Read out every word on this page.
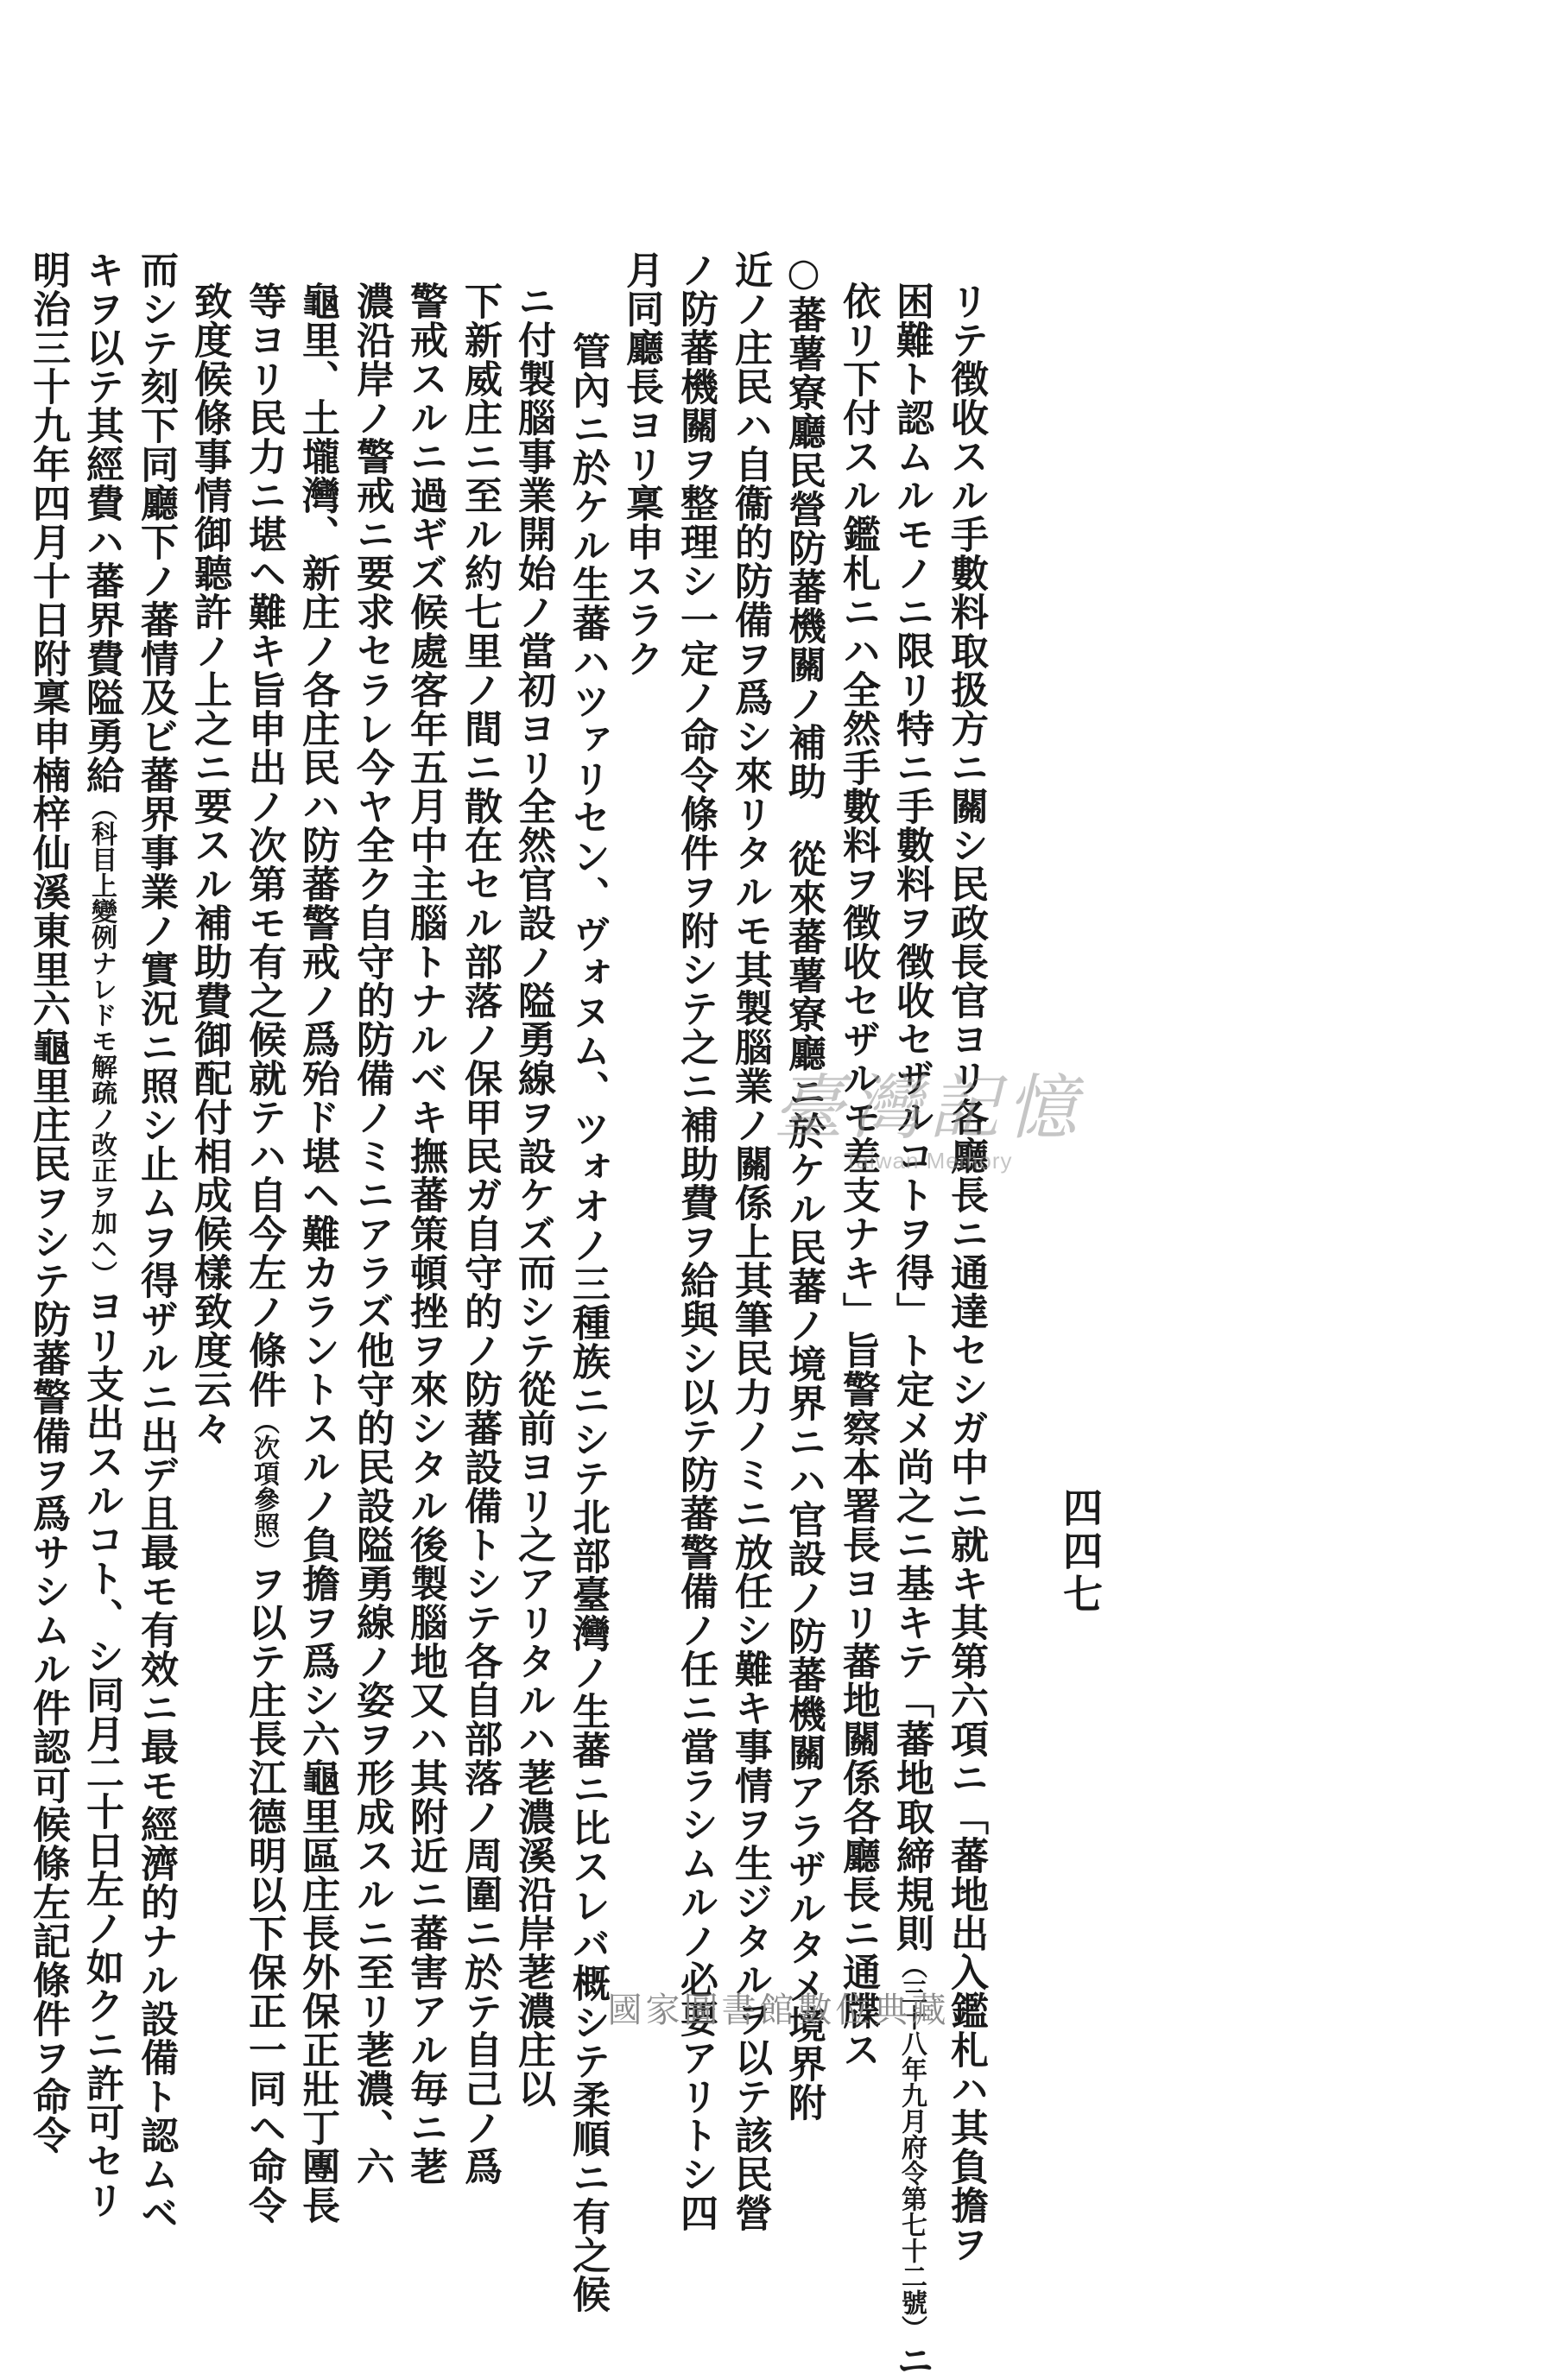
リテ徴收スル手數料取扱方ニ關シ民政長官ヨリ各廳長ニ通達セシガ中ニ就キ其第六項ニ「蕃地出入鑑札ハ其負擔ヲ
困難ト認ムルモノニ限リ特ニ手數料ヲ徴收セザルコトヲ得」ト定メ尚之ニ基キテ「蕃地取締規則（三十八年九月府令第七十二號）ニ
依リ下付スル鑑札ニハ全然手數料ヲ徴收セザルモ差支ナキ」旨警察本署長ヨリ蕃地關係各廳長ニ通牒ス
○蕃薯寮廳民營防蕃機關ノ補助　從來蕃薯寮廳ニ於ケル民蕃ノ境界ニハ官設ノ防蕃機關アラザルタメ境界附
近ノ庄民ハ自衞的防備ヲ爲シ來リタルモ其製腦業ノ關係上其筆民力ノミニ放任シ難キ事情ヲ生ジタルヲ以テ該民營
ノ防蕃機關ヲ整理シ一定ノ命令條件ヲ附シテ之ニ補助費ヲ給與シ以テ防蕃警備ノ任ニ當ラシムルノ必要アリトシ四
月同廳長ヨリ稟申スラク
管內ニ於ケル生蕃ハツァリセン、ヴォヌム、ツォオノ三種族ニシテ北部臺灣ノ生蕃ニ比スレバ概シテ柔順ニ有之候
ニ付製腦事業開始ノ當初ヨリ全然官設ノ隘勇線ヲ設ケズ而シテ從前ヨリ之アリタルハ荖濃溪沿岸荖濃庄以
下新威庄ニ至ル約七里ノ間ニ散在セル部落ノ保甲民ガ自守的ノ防蕃設備トシテ各自部落ノ周圍ニ於テ自己ノ爲
警戒スルニ過ギズ候處客年五月中主腦トナルベキ撫蕃策頓挫ヲ來シタル後製腦地又ハ其附近ニ蕃害アル毎ニ荖
濃沿岸ノ警戒ニ要求セラレ今ヤ全ク自守的防備ノミニアラズ他守的民設隘勇線ノ姿ヲ形成スルニ至リ荖濃、六
龜里、土壠灣、新庄ノ各庄民ハ防蕃警戒ノ爲殆ド堪ヘ難カラントスルノ負擔ヲ爲シ六龜里區庄長外保正壯丁團長
等ヨリ民力ニ堪ヘ難キ旨申出ノ次第モ有之候就テハ自今左ノ條件（次項參照）ヲ以テ庄長江德明以下保正一同ヘ命令
致度候條事情御聽許ノ上之ニ要スル補助費御配付相成候樣致度云々
而シテ刻下同廳下ノ蕃情及ビ蕃界事業ノ實況ニ照シ止ムヲ得ザルニ出デ且最モ有效ニ最モ經濟的ナル設備ト認ムベ
キヲ以テ其經費ハ蕃界費隘勇給（科目上變例ナレドモ解疏ノ改正ヲ加ヘ）ヨリ支出スルコト、シ同月二十日左ノ如クニ許可セリ
明治三十九年四月十日附稟申楠梓仙溪東里六龜里庄民ヲシテ防蕃警備ヲ爲サシムル件認可候條左記條件ヲ命令	四四七
臺灣記憶
Taiwan Memory
國家圖書館數位典藏
